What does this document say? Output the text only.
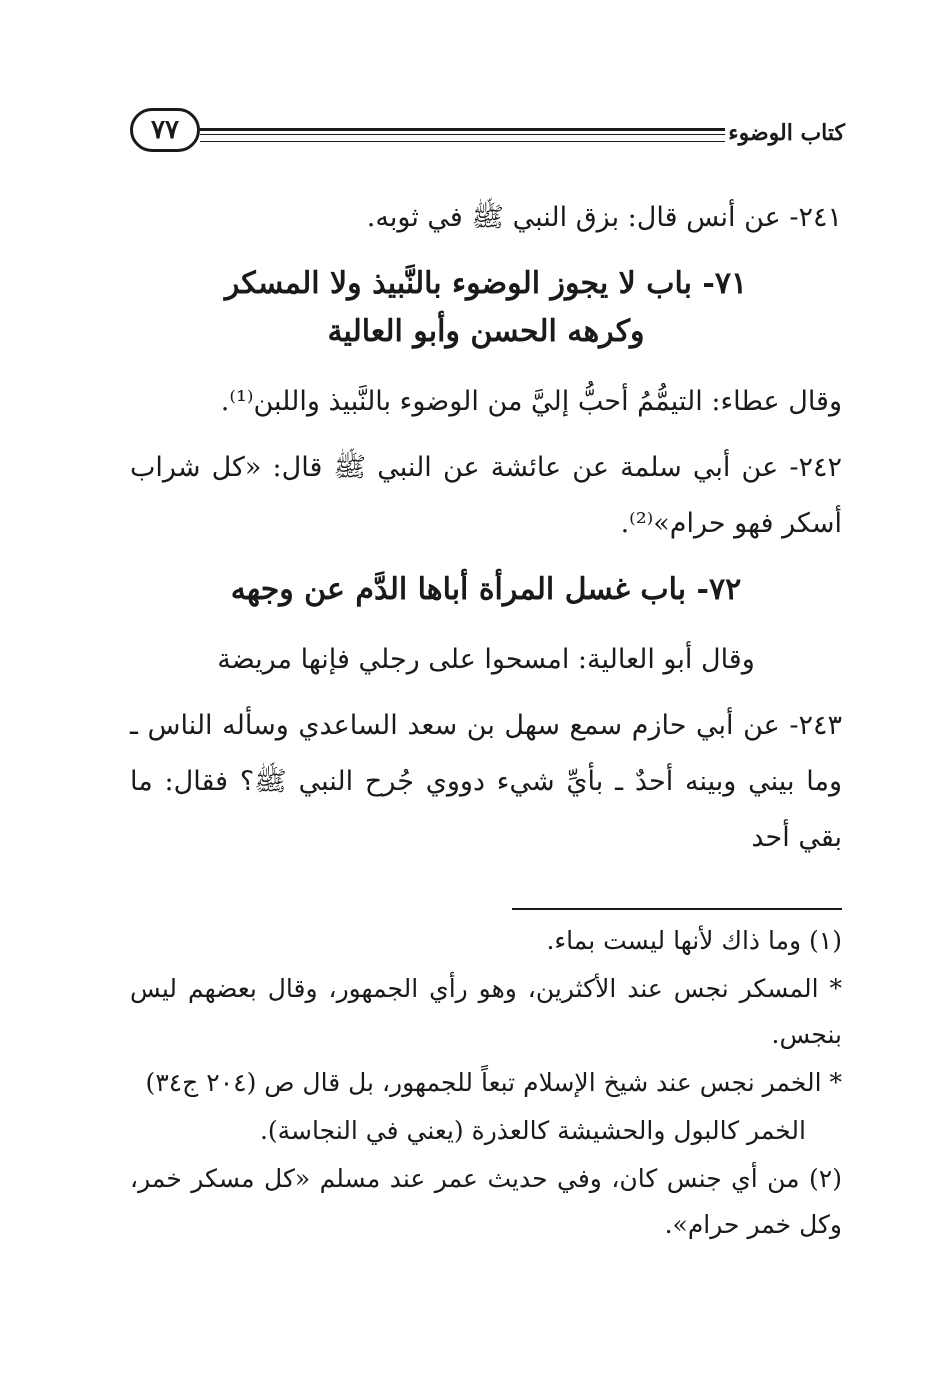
كتاب الوضوء
٧٧

٢٤١- عن أنس قال: بزق النبي ﷺ في ثوبه.

٧١- باب لا يجوز الوضوء بالنَّبيذ ولا المسكر
وكرهه الحسن وأبو العالية

وقال عطاء: التيمُّمُ أحبُّ إليَّ من الوضوء بالنَّبيذ واللبن⁽¹⁾.

٢٤٢- عن أبي سلمة عن عائشة عن النبي ﷺ قال: «كل شراب أسكر فهو حرام»⁽²⁾.

٧٢- باب غسل المرأة أباها الدَّم عن وجهه

وقال أبو العالية: امسحوا على رجلي فإنها مريضة

٢٤٣- عن أبي حازم سمع سهل بن سعد الساعدي وسأله الناس ـ وما بيني وبينه أحدٌ ـ بأيِّ شيء دووي جُرح النبي ﷺ؟ فقال: ما بقي أحد

(١) وما ذاك لأنها ليست بماء.

* المسكر نجس عند الأكثرين، وهو رأي الجمهور، وقال بعضهم ليس بنجس.

* الخمر نجس عند شيخ الإسلام تبعاً للجمهور، بل قال ص (٢٠٤ ج٣٤)

الخمر كالبول والحشيشة كالعذرة (يعني في النجاسة).

(٢) من أي جنس كان، وفي حديث عمر عند مسلم «كل مسكر خمر، وكل خمر حرام».
